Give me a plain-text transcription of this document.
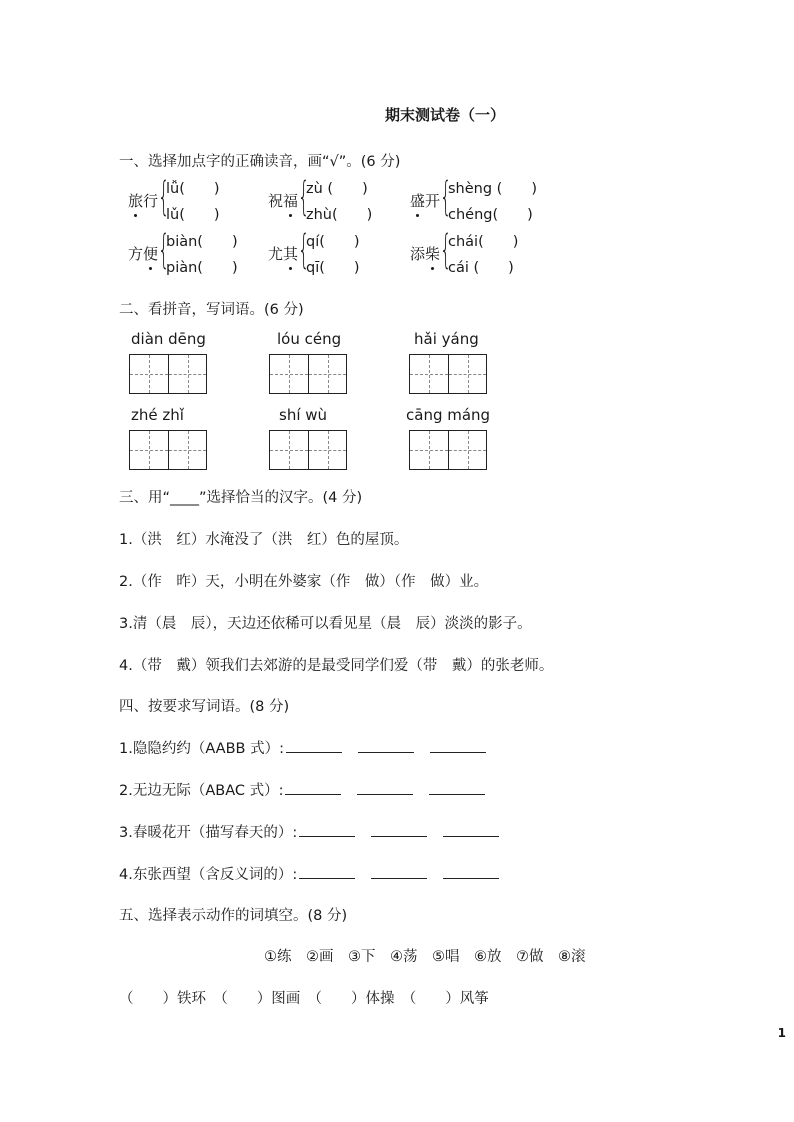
期末测试卷（一）
一、选择加点字的正确读音，画“√”。(6 分)
旅行 {
lǚ(　　)
lǔ(　　)
祝福 {
zù (　　)
zhù(　　)
盛开 {
shèng (　　)
chéng(　　)
方便 {
biàn(　　)
piàn(　　)
尤其 {
qí(　　)
qī(　　)
添柴 {
chái(　　)
cái (　　)
二、看拼音，写词语。(6 分)
diàn dēng	lóu céng	hǎi yáng
zhé zhǐ	shí wù	cāng máng
三、用“____”选择恰当的汉字。(4 分)
1.（洪　红）水淹没了（洪　红）色的屋顶。
2.（作　昨）天，小明在外婆家（作　做）（作　做）业。
3.清（晨　辰），天边还依稀可以看见星（晨　辰）淡淡的影子。
4.（带　戴）领我们去郊游的是最受同学们爱（带　戴）的张老师。
四、按要求写词语。(8 分)
1.隐隐约约（AABB 式）:
2.无边无际（ABAC 式）:
3.春暖花开（描写春天的）:
4.东张西望（含反义词的）:
五、选择表示动作的词填空。(8 分)
①练　②画　③下　④荡　⑤唱　⑥放　⑦做　⑧滚
（　　）铁环　（　　）图画　（　　）体操　（　　）风筝
1
